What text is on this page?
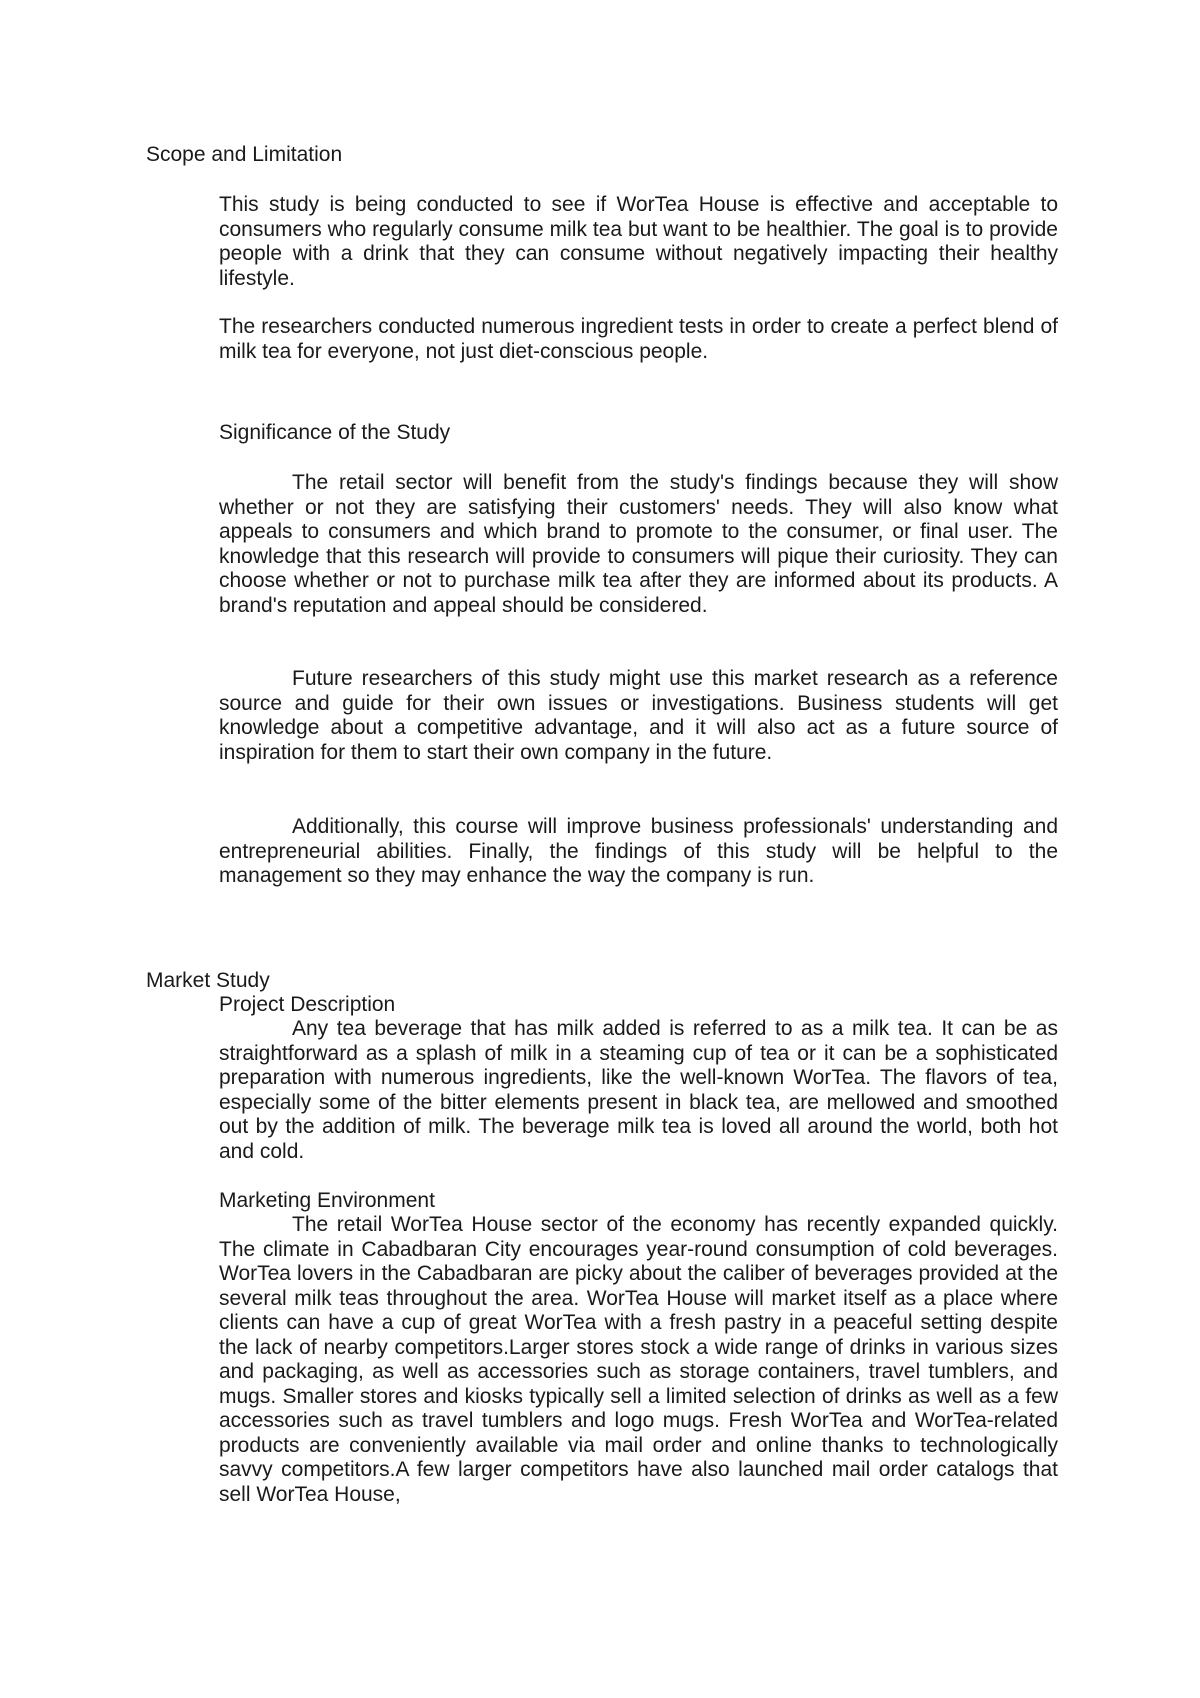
Scope and Limitation

This study is being conducted to see if WorTea House is effective and acceptable to consumers who regularly consume milk tea but want to be healthier. The goal is to provide people with a drink that they can consume without negatively impacting their healthy lifestyle.

The researchers conducted numerous ingredient tests in order to create a perfect blend of milk tea for everyone, not just diet-conscious people.

Significance of the Study

The retail sector will benefit from the study's findings because they will show whether or not they are satisfying their customers' needs. They will also know what appeals to consumers and which brand to promote to the consumer, or final user. The knowledge that this research will provide to consumers will pique their curiosity. They can choose whether or not to purchase milk tea after they are informed about its products. A brand's reputation and appeal should be considered.

Future researchers of this study might use this market research as a reference source and guide for their own issues or investigations. Business students will get knowledge about a competitive advantage, and it will also act as a future source of inspiration for them to start their own company in the future.

Additionally, this course will improve business professionals' understanding and entrepreneurial abilities. Finally, the findings of this study will be helpful to the management so they may enhance the way the company is run.

Market Study
Project Description

Any tea beverage that has milk added is referred to as a milk tea. It can be as straightforward as a splash of milk in a steaming cup of tea or it can be a sophisticated preparation with numerous ingredients, like the well-known WorTea. The flavors of tea, especially some of the bitter elements present in black tea, are mellowed and smoothed out by the addition of milk. The beverage milk tea is loved all around the world, both hot and cold.

Marketing Environment

The retail WorTea House sector of the economy has recently expanded quickly. The climate in Cabadbaran City encourages year-round consumption of cold beverages. WorTea lovers in the Cabadbaran are picky about the caliber of beverages provided at the several milk teas throughout the area. WorTea House will market itself as a place where clients can have a cup of great WorTea with a fresh pastry in a peaceful setting despite the lack of nearby competitors.Larger stores stock a wide range of drinks in various sizes and packaging, as well as accessories such as storage containers, travel tumblers, and mugs. Smaller stores and kiosks typically sell a limited selection of drinks as well as a few accessories such as travel tumblers and logo mugs. Fresh WorTea and WorTea-related products are conveniently available via mail order and online thanks to technologically savvy competitors.A few larger competitors have also launched mail order catalogs that sell WorTea House,
